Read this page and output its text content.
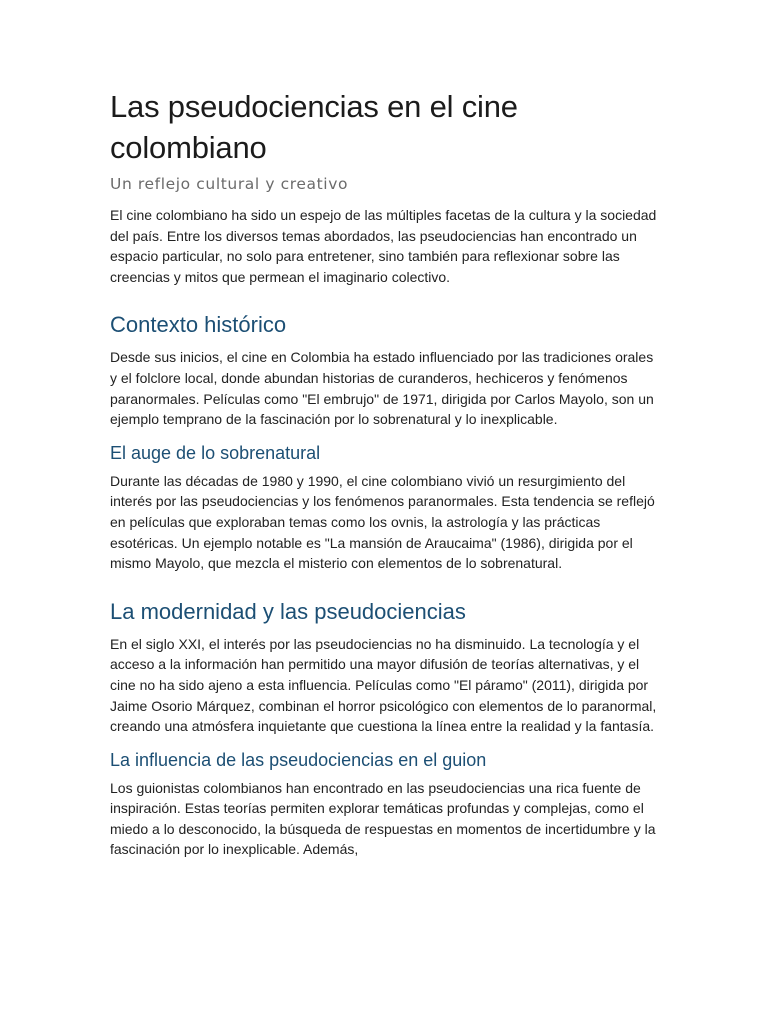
Las pseudociencias en el cine colombiano
Un reflejo cultural y creativo

El cine colombiano ha sido un espejo de las múltiples facetas de la cultura y la sociedad del país. Entre los diversos temas abordados, las pseudociencias han encontrado un espacio particular, no solo para entretener, sino también para reflexionar sobre las creencias y mitos que permean el imaginario colectivo.

Contexto histórico

Desde sus inicios, el cine en Colombia ha estado influenciado por las tradiciones orales y el folclore local, donde abundan historias de curanderos, hechiceros y fenómenos paranormales. Películas como "El embrujo" de 1971, dirigida por Carlos Mayolo, son un ejemplo temprano de la fascinación por lo sobrenatural y lo inexplicable.

El auge de lo sobrenatural

Durante las décadas de 1980 y 1990, el cine colombiano vivió un resurgimiento del interés por las pseudociencias y los fenómenos paranormales. Esta tendencia se reflejó en películas que exploraban temas como los ovnis, la astrología y las prácticas esotéricas. Un ejemplo notable es "La mansión de Araucaima" (1986), dirigida por el mismo Mayolo, que mezcla el misterio con elementos de lo sobrenatural.

La modernidad y las pseudociencias

En el siglo XXI, el interés por las pseudociencias no ha disminuido. La tecnología y el acceso a la información han permitido una mayor difusión de teorías alternativas, y el cine no ha sido ajeno a esta influencia. Películas como "El páramo" (2011), dirigida por Jaime Osorio Márquez, combinan el horror psicológico con elementos de lo paranormal, creando una atmósfera inquietante que cuestiona la línea entre la realidad y la fantasía.

La influencia de las pseudociencias en el guion

Los guionistas colombianos han encontrado en las pseudociencias una rica fuente de inspiración. Estas teorías permiten explorar temáticas profundas y complejas, como el miedo a lo desconocido, la búsqueda de respuestas en momentos de incertidumbre y la fascinación por lo inexplicable. Además,
